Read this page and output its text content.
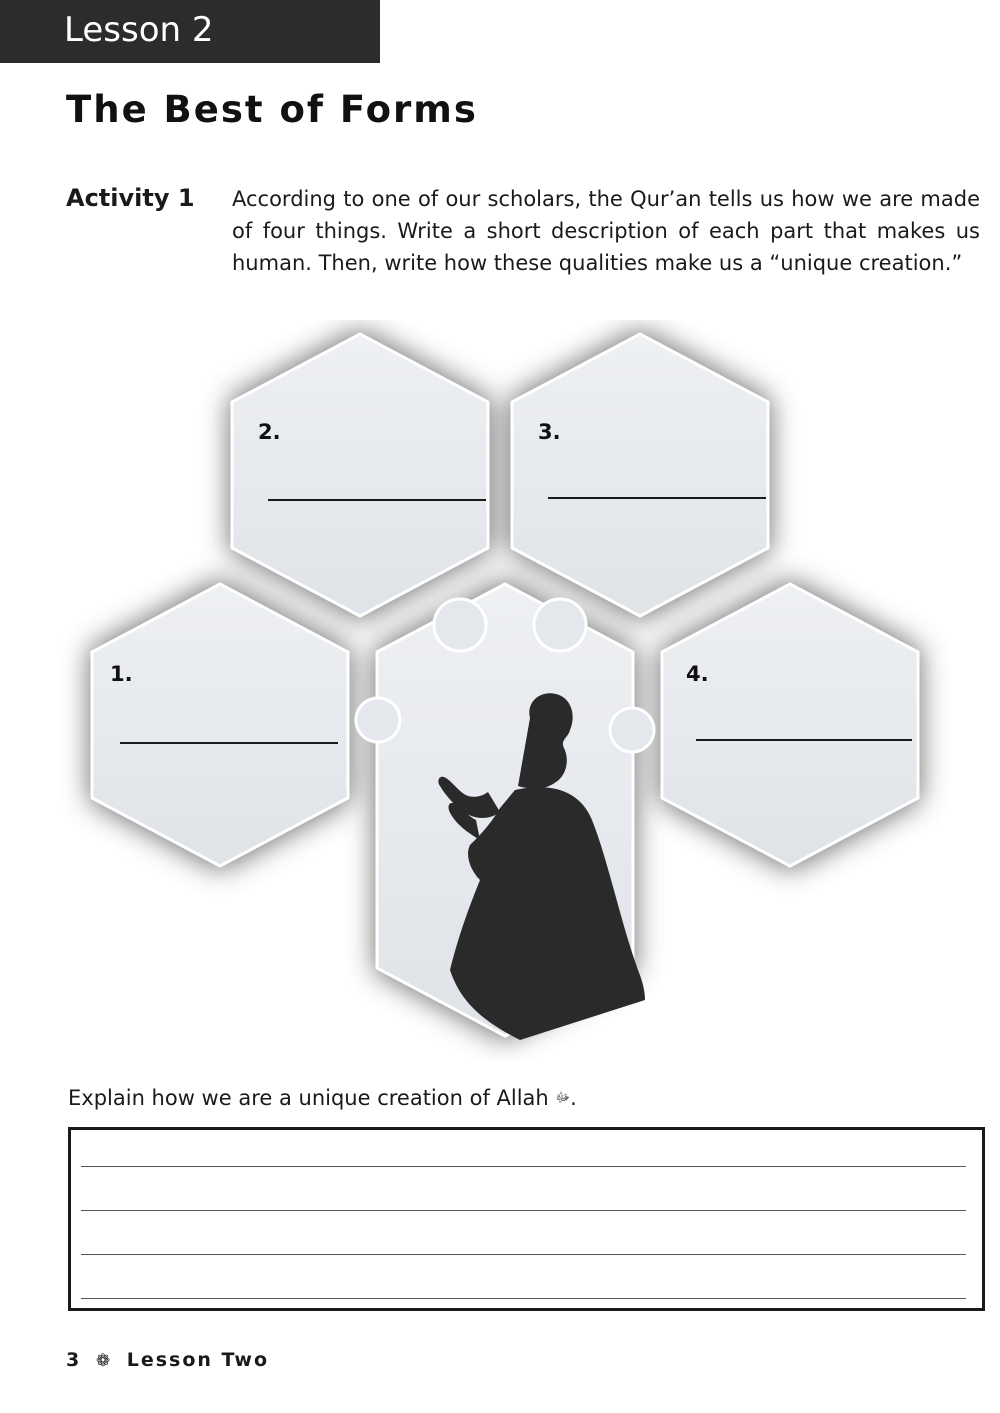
Lesson 2
The Best of Forms
Activity 1 According to one of our scholars, the Qur’an tells us how we are made of four things. Write a short description of each part that makes us human. Then, write how these qualities make us a “unique creation.”
2.	3.
1.	4.
Explain how we are a unique creation of Allah ﷻ.
3 ❁ Lesson Two
